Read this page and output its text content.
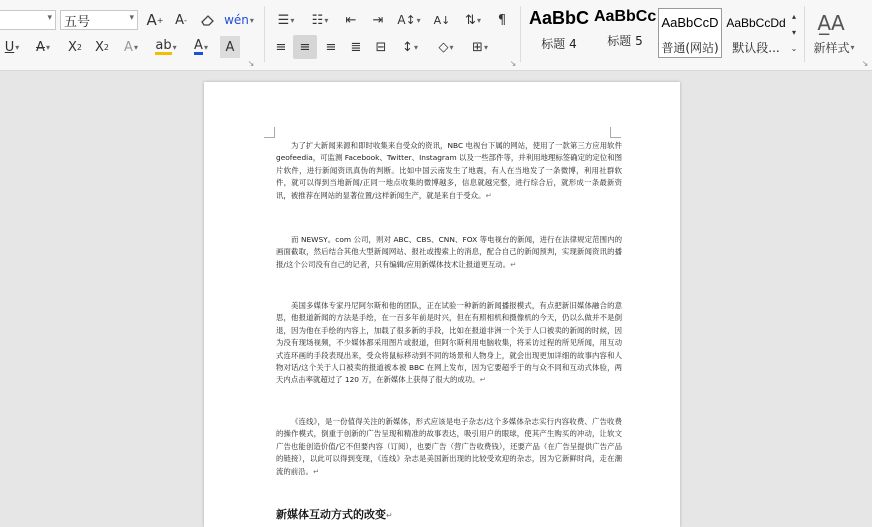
五号	▾
▾	A + A -	wén ▾
U ▾ A ▾	X 2	X 2	A ▾ ab ▾ A ▾	A
☰ ▾	☷ ▾	⇤	⇥	A↕ ▾	A↓	⇅ ▾	¶
≡	≡	≡	≣	⊟	↕ ▾	◇ ▾	⊞ ▾
AaBbC
标题 4
AaBbCc
标题 5
AaBbCcD
普通(网站)
AaBbCcDd
默认段...
▴
▾
⌄
A̲A
新样式 ▾
↘
↘
↘
为了扩大新闻来源和即时收集来自受众的资讯，NBC 电视台下属的网站，使用了一款第三方应用软件 geofeedia，可监测 Facebook、Twitter、Instagram 以及一些部件等，并利用地理标签确定的定位和图片软件，进行新闻资讯真伪的判断。比如中国云南发生了地震，有人在当地发了一条微博，利用社群软件，就可以得到当地新闻/正同一地点收集的微博越多，信息就越完整，进行综合后，就形成一条最新资讯，被推荐在网站的显著位置/这样新闻生产，就是来自于受众。↵
而 NEWSY。com 公司，则对 ABC、CBS、CNN、FOX 等电视台的新闻，进行在法律规定范围内的画面截取，然后结合其他大型新闻网站、报社或搜索上的消息，配合自己的新闻预判，实现新闻资讯的播报/这个公司没有自己的记者，只有编辑/应用新媒体技术让报道更互动。↵
美国多媒体专家丹尼阿尔斯和他的团队，正在试验一种新的新闻播报模式，有点把新旧媒体融合的意思，他报道新闻的方法是手绘，在一百多年前是时兴，但在有照相机和摄像机的今天，仍以么做并不是倒退，因为他在手绘的内容上，加载了很多新的手段，比如在报道非洲一个关于人口被卖的新闻的时候，因为没有现场视频，不少媒体都采用图片或报道，但阿尔斯利用电脑收集，将采访过程的所见所闻，用互动式连环画的手段表现出来，受众将鼠标移动到不同的场景和人物身上，就会出现更加详细的故事内容和人物对话/这个关于人口被卖的报道被本被 BBC 在网上发布，因为它要超乎于的与众不同和互动式体验，两天内点击率就超过了 120 万，在新媒体上获得了很大的成功。↵
《连线》，是一份值得关注的新媒体，形式应该是电子杂志/这个多媒体杂志实行内容收费、广告收费的操作模式，倒重于创新的广告呈现和精准的故事表达，吸引用户的眼球，使其产生购买的冲动，让软文广告也能创造价值/它不但要内容（订阅），也要广告（营广告收费钱），还要产品（在广告呈提供广告产品的链接），以此可以得到变现，《连线》杂志是美国新出现的比较受欢迎的杂志，因为它新鲜时尚，走在潮流的前沿。↵
新媒体互动方式的改变↵
